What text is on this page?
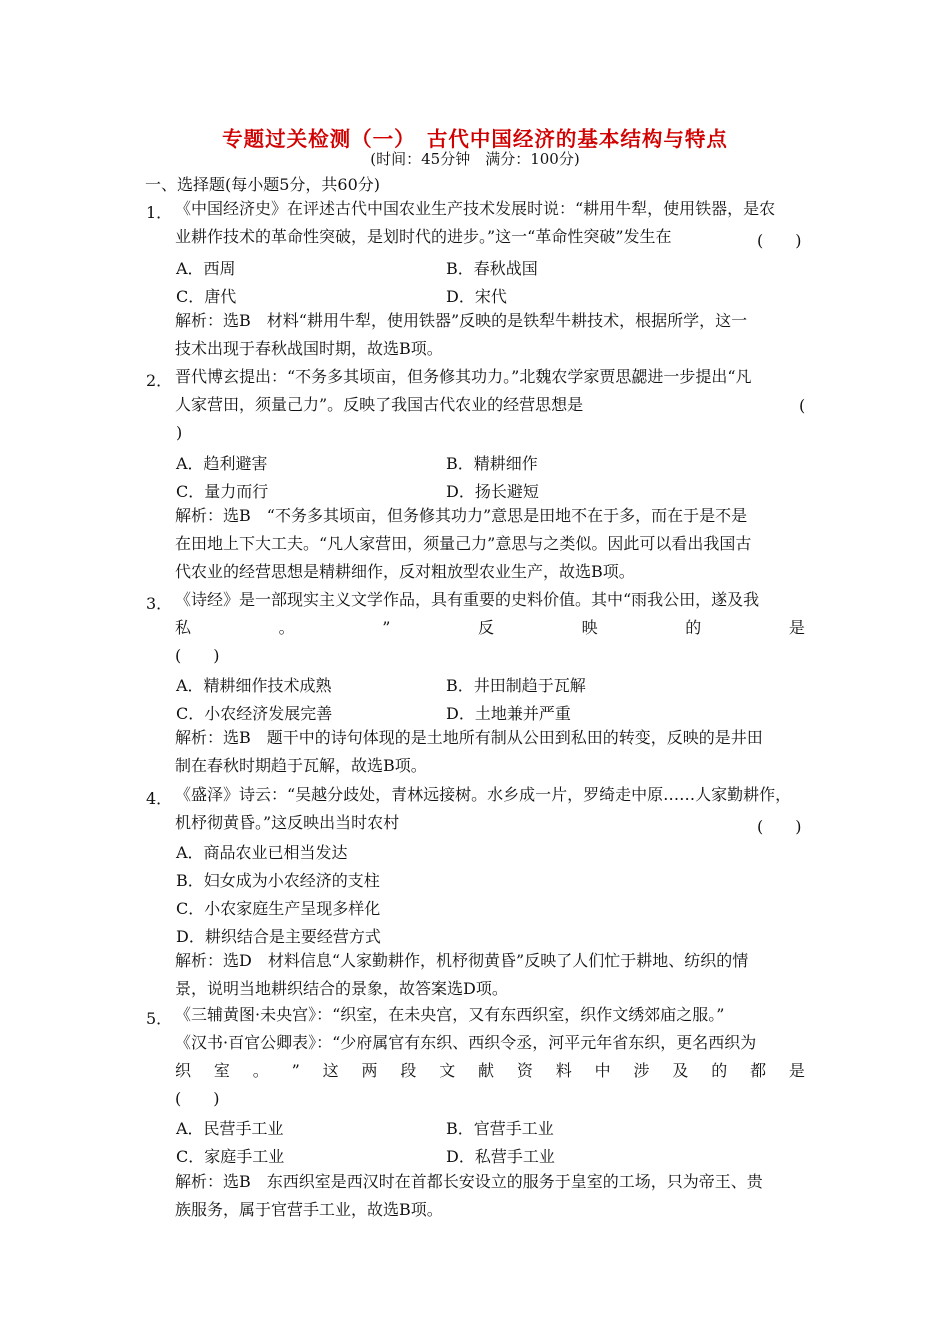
专题过关检测（一）　古代中国经济的基本结构与特点
(时间：45分钟　满分：100分)
一、选择题(每小题5分，共60分)
1． 《中国经济史》在评述古代中国农业生产技术发展时说：“耕用牛犁，使用铁器，是农
业耕作技术的革命性突破，是划时代的进步。”这一“革命性突破”发生在	(　　)
A．西周	B．春秋战国
C．唐代	D．宋代
解析：选B　材料“耕用牛犁，使用铁器”反映的是铁犁牛耕技术，根据所学，这一
技术出现于春秋战国时期，故选B项。
2． 晋代博玄提出：“不务多其顷亩，但务修其功力。”北魏农学家贾思勰进一步提出“凡
人家营田，须量己力”。反映了我国古代农业的经营思想是	(
)
A．趋利避害	B．精耕细作
C．量力而行	D．扬长避短
解析：选B　“不务多其顷亩，但务修其功力”意思是田地不在于多，而在于是不是
在田地上下大工夫。“凡人家营田，须量己力”意思与之类似。因此可以看出我国古
代农业的经营思想是精耕细作，反对粗放型农业生产，故选B项。
3． 《诗经》是一部现实主义文学作品，具有重要的史料价值。其中“雨我公田，遂及我
私	。	”	反	映	的	是
(　　)
A．精耕细作技术成熟	B．井田制趋于瓦解
C．小农经济发展完善	D．土地兼并严重
解析：选B　题干中的诗句体现的是土地所有制从公田到私田的转变，反映的是井田
制在春秋时期趋于瓦解，故选B项。
4． 《盛泽》诗云：“吴越分歧处，青林远接树。水乡成一片，罗绮走中原……人家勤耕作，
机杼彻黄昏。”这反映出当时农村	(　　)
A．商品农业已相当发达
B．妇女成为小农经济的支柱
C．小农家庭生产呈现多样化
D．耕织结合是主要经营方式
解析：选D　材料信息“人家勤耕作，机杼彻黄昏”反映了人们忙于耕地、纺织的情
景，说明当地耕织结合的景象，故答案选D项。
5． 《三辅黄图·未央宫》：“织室，在未央宫，又有东西织室，织作文绣郊庙之服。”
《汉书·百官公卿表》：“少府属官有东织、西织令丞，河平元年省东织，更名西织为
织 室 。 ” 这 两 段 文 献 资 料 中 涉 及 的 都 是
(　　)
A．民营手工业	B．官营手工业
C．家庭手工业	D．私营手工业
解析：选B　东西织室是西汉时在首都长安设立的服务于皇室的工场，只为帝王、贵
族服务，属于官营手工业，故选B项。
